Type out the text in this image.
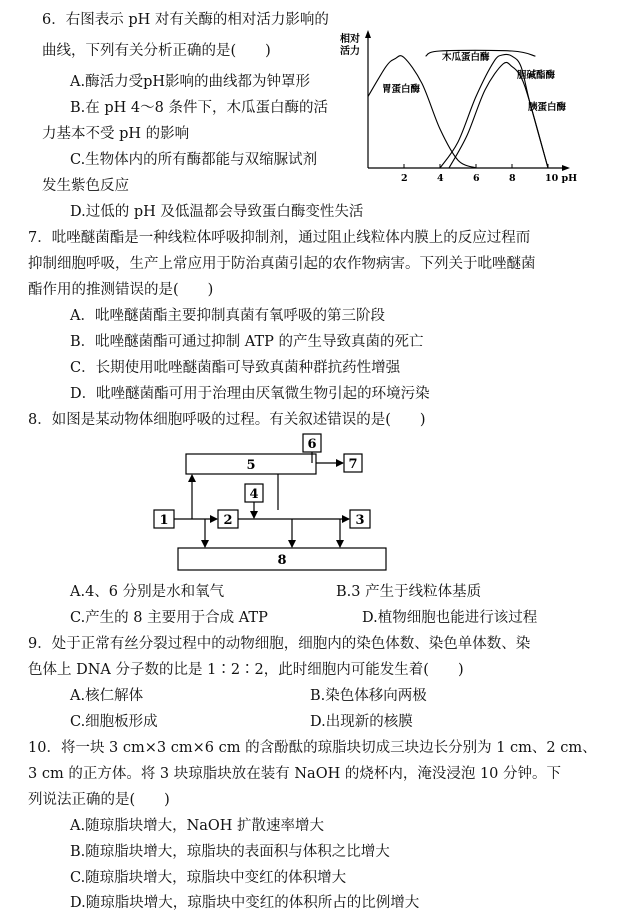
6．右图表示 pH 对有关酶的相对活力影响的
曲线，下列有关分析正确的是(　　)
A.酶活力受pH影响的曲线都为钟罩形
B.在 pH 4～8 条件下，木瓜蛋白酶的活
力基本不受 pH 的影响
C.生物体内的所有酶都能与双缩脲试剂
发生紫色反应
D.过低的 pH 及低温都会导致蛋白酶变性失活
相对
活力
2	4	6	8	10 pH
木瓜蛋白酶
胆碱酯酶
胃蛋白酶
胰蛋白酶
7．吡唑醚菌酯是一种线粒体呼吸抑制剂，通过阻止线粒体内膜上的反应过程而
抑制细胞呼吸，生产上常应用于防治真菌引起的农作物病害。下列关于吡唑醚菌
酯作用的推测错误的是(　　)
A．吡唑醚菌酯主要抑制真菌有氧呼吸的第三阶段
B．吡唑醚菌酯可通过抑制 ATP 的产生导致真菌的死亡
C．长期使用吡唑醚菌酯可导致真菌种群抗药性增强
D．吡唑醚菌酯可用于治理由厌氧微生物引起的环境污染
8．如图是某动物体细胞呼吸的过程。有关叙述错误的是(　　)
5
6
7
4
1	2	3
8
A.4、6 分别是水和氧气	B.3 产生于线粒体基质
C.产生的 8 主要用于合成 ATP	D.植物细胞也能进行该过程
9．处于正常有丝分裂过程中的动物细胞，细胞内的染色体数、染色单体数、染
色体上 DNA 分子数的比是 1∶2∶2，此时细胞内可能发生着(　　)
A.核仁解体	B.染色体移向两极
C.细胞板形成	D.出现新的核膜
10．将一块 3 cm×3 cm×6 cm 的含酚酞的琼脂块切成三块边长分别为 1 cm、2 cm、
3 cm 的正方体。将 3 块琼脂块放在装有 NaOH 的烧杯内，淹没浸泡 10 分钟。下
列说法正确的是(　　)
A.随琼脂块增大，NaOH 扩散速率增大
B.随琼脂块增大，琼脂块的表面积与体积之比增大
C.随琼脂块增大，琼脂块中变红的体积增大
D.随琼脂块增大，琼脂块中变红的体积所占的比例增大
